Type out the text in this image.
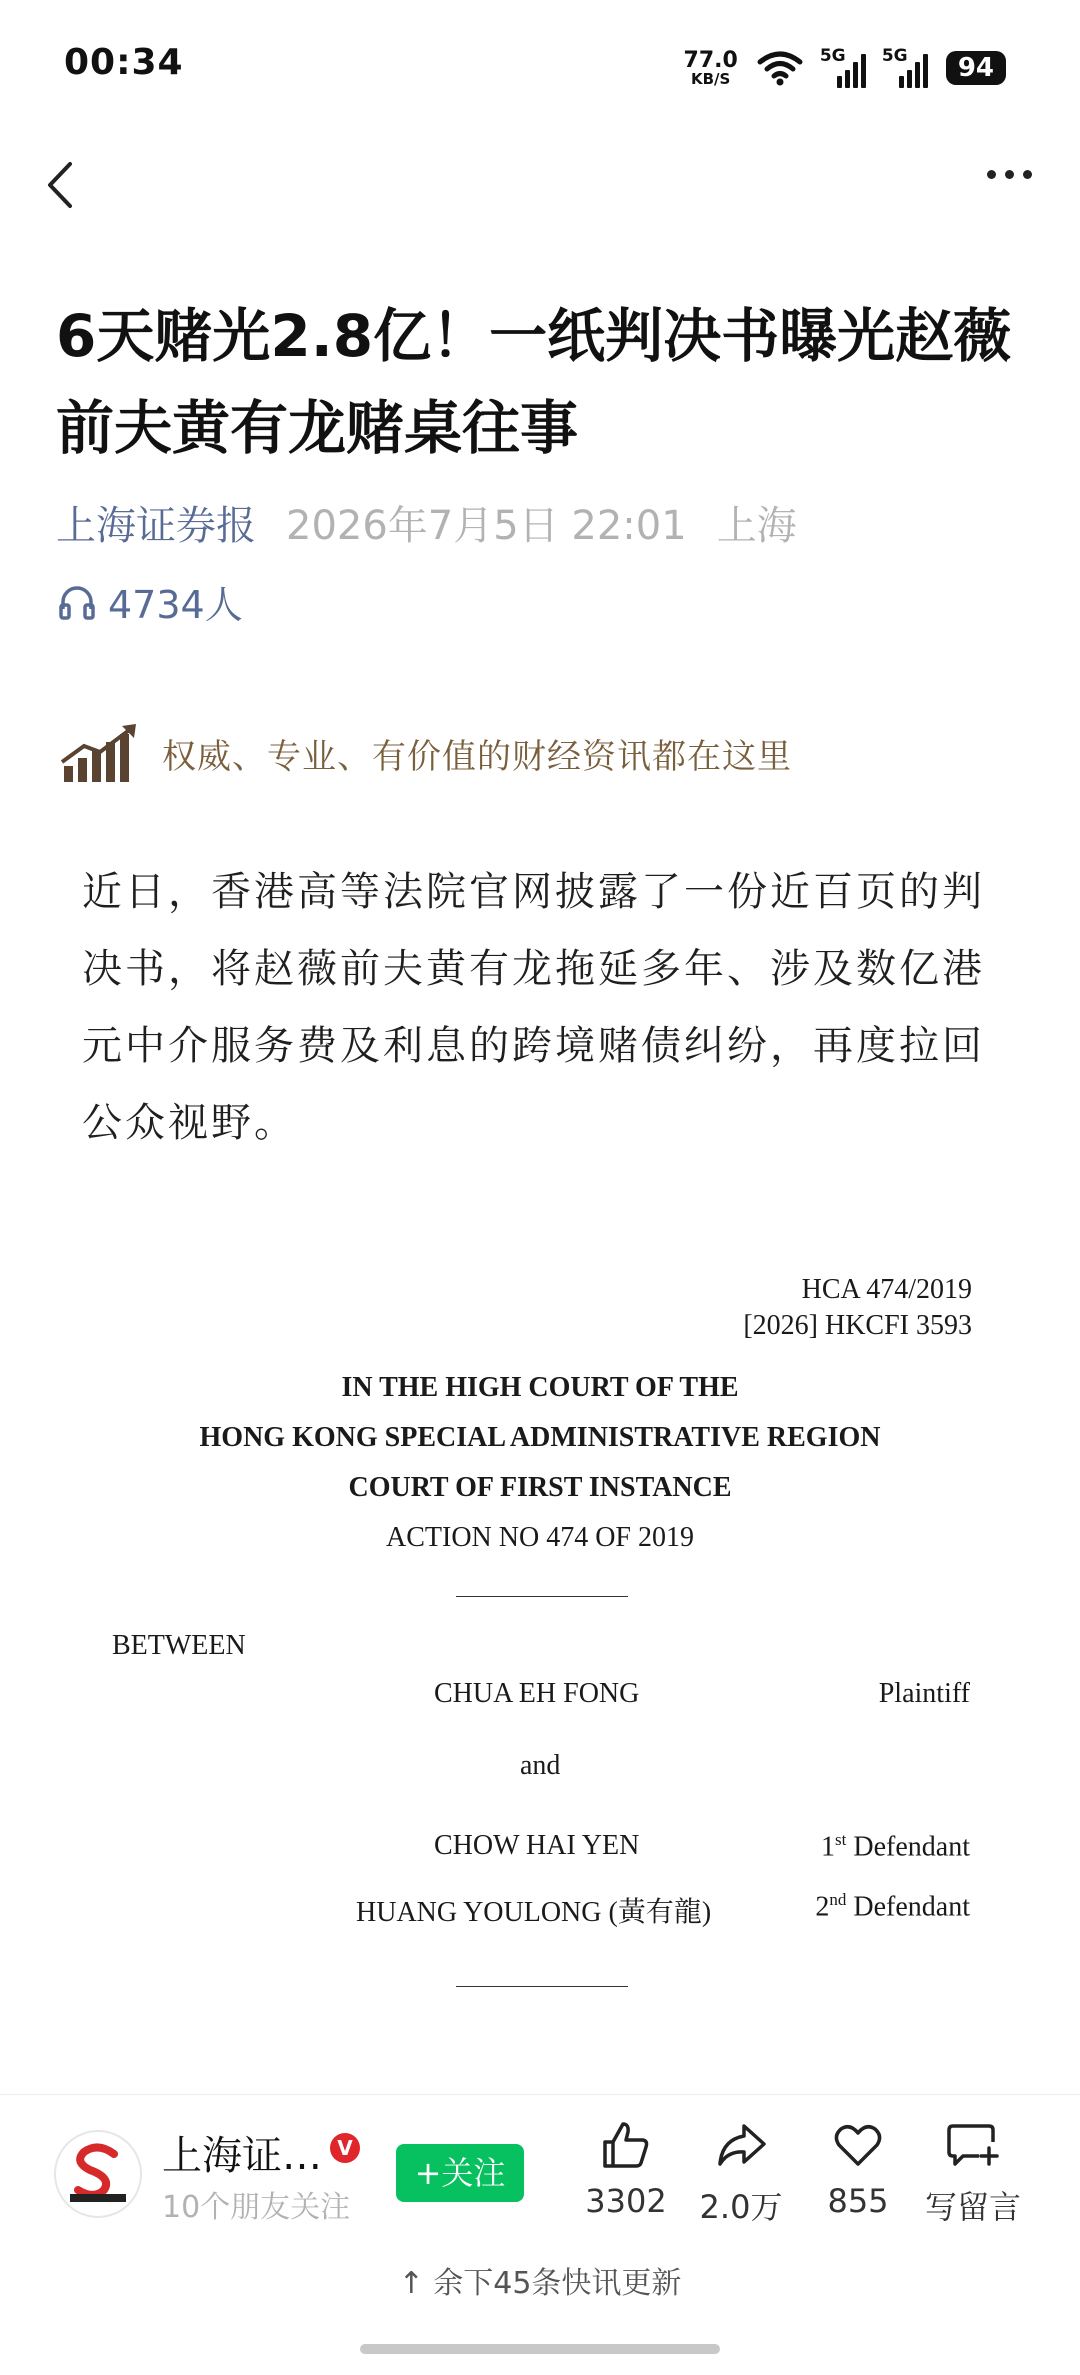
00:34	77.0
KB/S
5G 5G	94
6天赌光2.8亿！一纸判决书曝光赵薇前夫黄有龙赌桌往事
上海证券报 2026年7月5日 22:01 上海
4734人
权威、专业、有价值的财经资讯都在这里
近日，香港高等法院官网披露了一份近百页的判决书，将赵薇前夫黄有龙拖延多年、涉及数亿港元中介服务费及利息的跨境赌债纠纷，再度拉回公众视野。
HCA 474/2019
[2026] HKCFI 3593
IN THE HIGH COURT OF THE
HONG KONG SPECIAL ADMINISTRATIVE REGION
COURT OF FIRST INSTANCE
ACTION NO 474 OF 2019
BETWEEN
CHUA EH FONG	Plaintiff
and
CHOW HAI YEN	1st Defendant
HUANG YOULONG (黃有龍)	2nd Defendant
上海证… V
10个朋友关注
+关注
3302 2.0万 855 写留言
↑ 余下45条快讯更新
